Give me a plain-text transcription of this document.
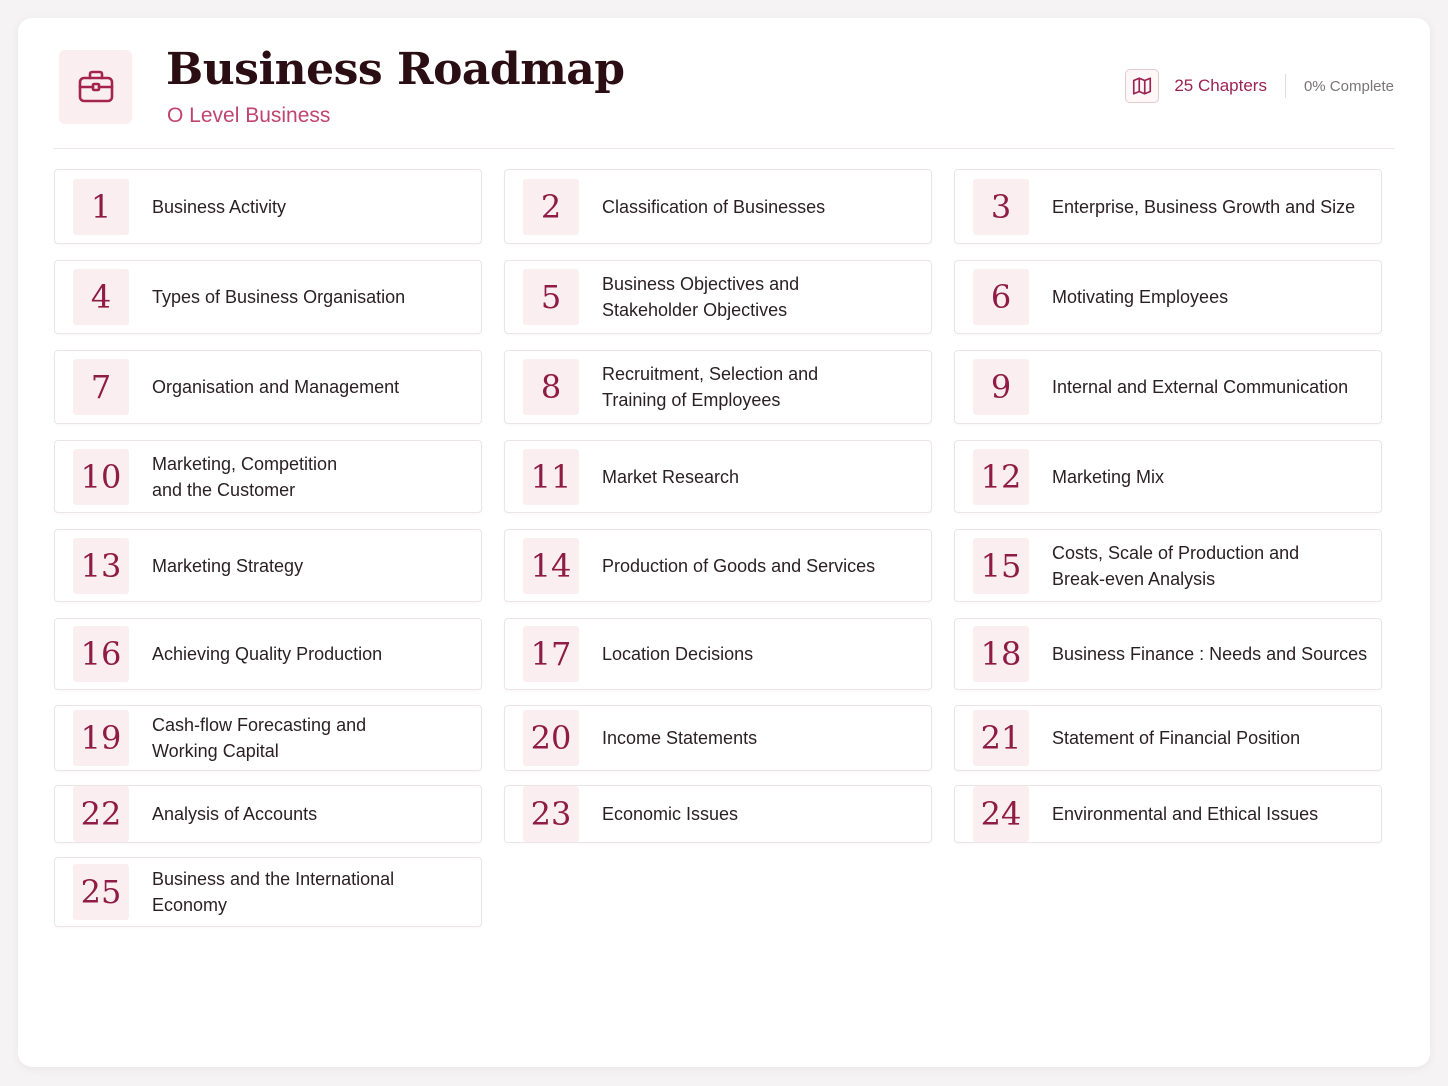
Business Roadmap
O Level Business
25 Chapters 0% Complete
1	Business Activity	2	Classification of Businesses	3	Enterprise, Business Growth and Size
4	Types of Business Organisation	5	Business Objectives and Stakeholder Objectives	6	Motivating Employees
7	Organisation and Management	8	Recruitment, Selection and Training of Employees	9	Internal and External Communication
10	Marketing, Competition and the Customer	11	Market Research	12	Marketing Mix
13	Marketing Strategy	14	Production of Goods and Services	15	Costs, Scale of Production and Break-even Analysis
16	Achieving Quality Production	17	Location Decisions	18	Business Finance : Needs and Sources
19	Cash-flow Forecasting and Working Capital	20	Income Statements	21	Statement of Financial Position
22	Analysis of Accounts	23	Economic Issues	24	Environmental and Ethical Issues
25	Business and the International Economy
